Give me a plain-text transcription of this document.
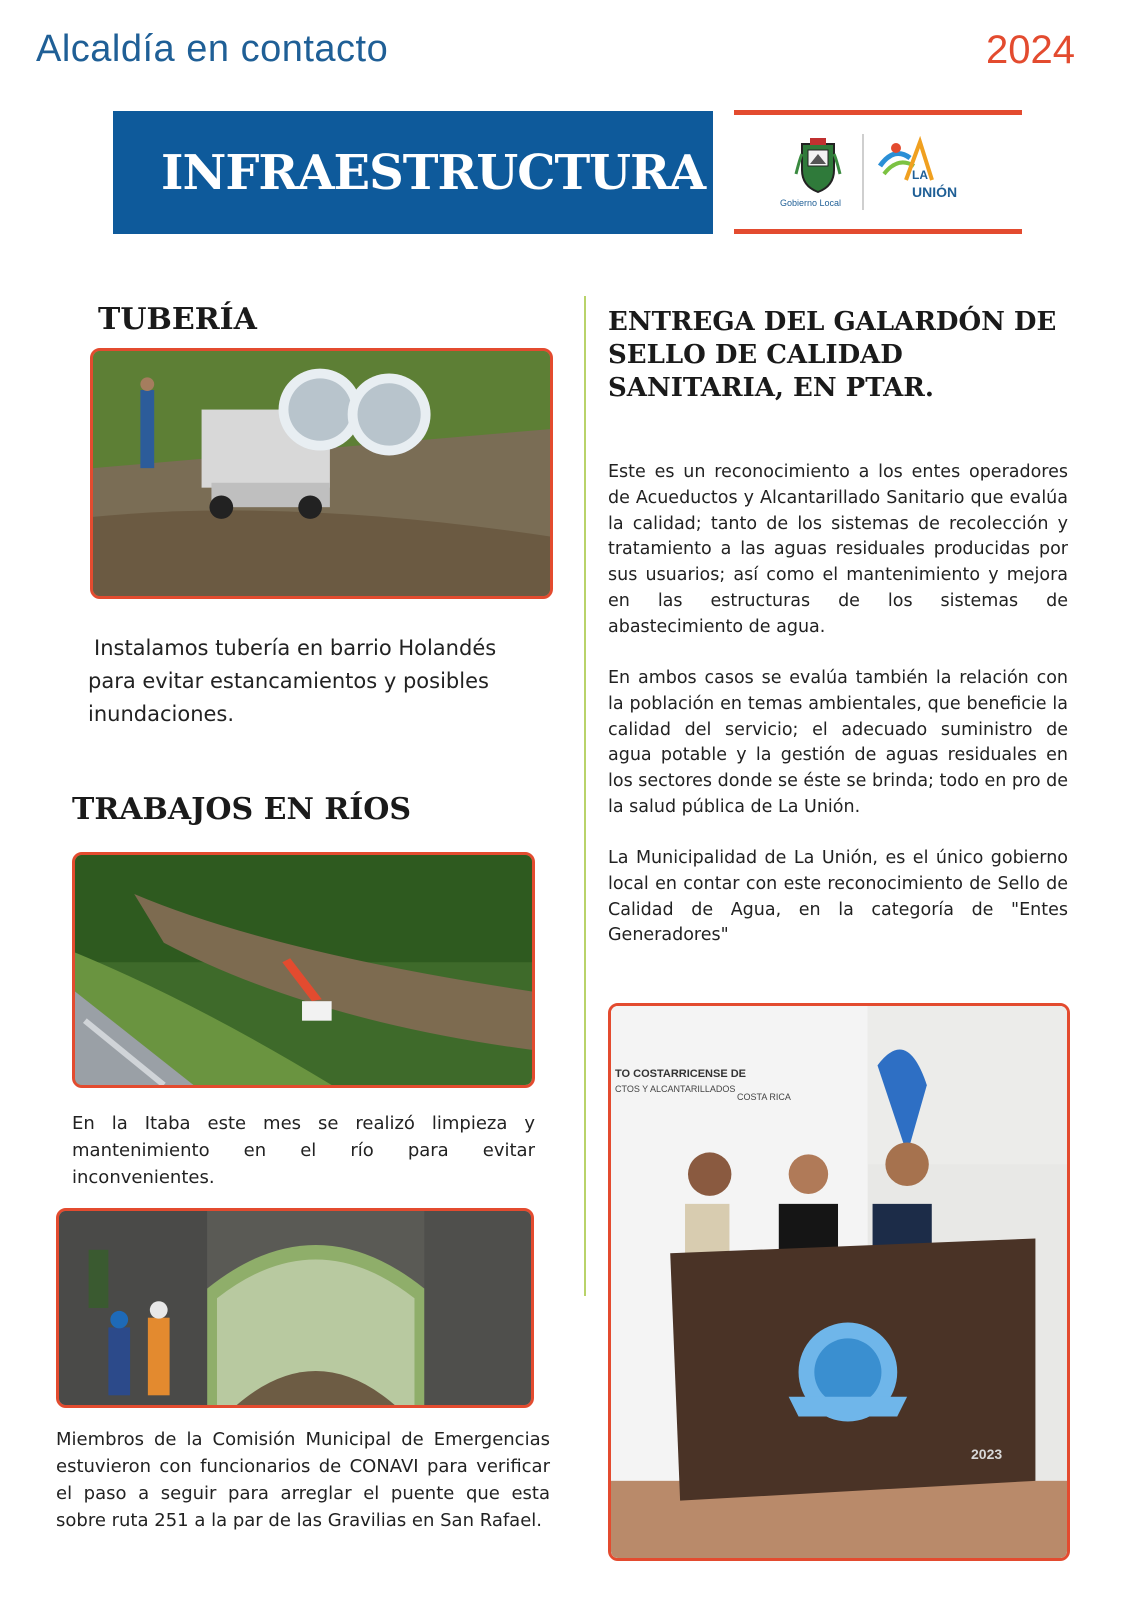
Alcaldía en contacto	2024
INFRAESTRUCTURA
Gobierno Local
LA
UNIÓN
TUBERÍA
Instalamos tubería en barrio Holandés para evitar estancamientos y posibles inundaciones.
TRABAJOS EN RÍOS
En la Itaba este mes se realizó limpieza y mantenimiento en el río para evitar inconvenientes.
Miembros de la Comisión Municipal de Emergencias estuvieron con funcionarios de CONAVI para verificar el paso a seguir para arreglar el puente que esta sobre ruta 251 a la par de las Gravilias en San Rafael.
ENTREGA DEL GALARDÓN DE SELLO DE CALIDAD SANITARIA, EN PTAR.
Este es un reconocimiento a los entes operadores de Acueductos y Alcantarillado Sanitario que evalúa la calidad; tanto de los sistemas de recolección y tratamiento a las aguas residuales producidas por sus usuarios; así como el mantenimiento y mejora en las estructuras de los sistemas de abastecimiento de agua.
En ambos casos se evalúa también la relación con la población en temas ambientales, que beneficie la calidad del servicio; el adecuado suministro de agua potable y la gestión de aguas residuales en los sectores donde se éste se brinda; todo en pro de la salud pública de La Unión.
La Municipalidad de La Unión, es el único gobierno local en contar con este reconocimiento de Sello de Calidad de Agua, en la categoría de "Entes Generadores"
TO COSTARRICENSE DE
CTOS Y ALCANTARILLADOS
COSTA RICA
2023
